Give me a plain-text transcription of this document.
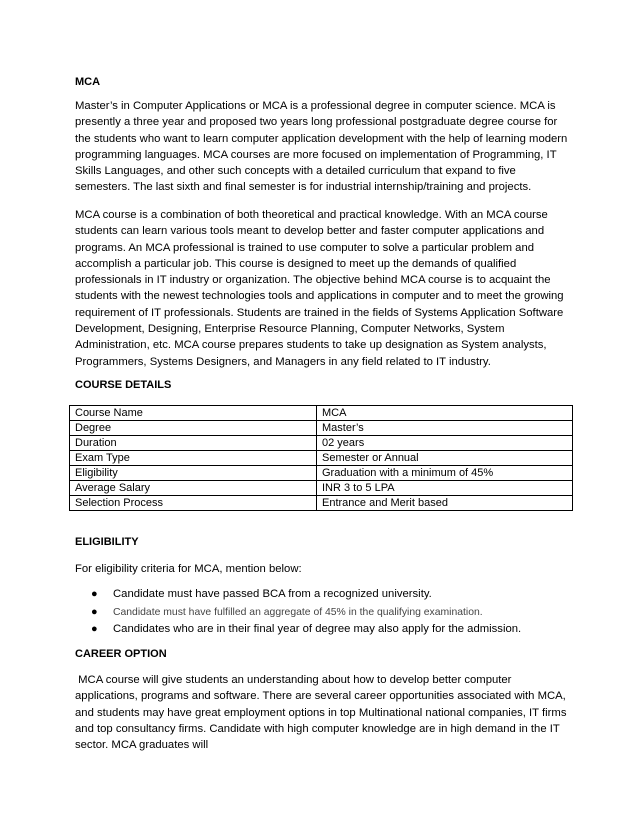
MCA

Master’s in Computer Applications or MCA is a professional degree in computer science. MCA is presently a three year and proposed two years long professional postgraduate degree course for the students who want to learn computer application development with the help of learning modern programming languages. MCA courses are more focused on implementation of Programming, IT Skills Languages, and other such concepts with a detailed curriculum that expand to five semesters. The last sixth and final semester is for industrial internship/training and projects.

MCA course is a combination of both theoretical and practical knowledge. With an MCA course students can learn various tools meant to develop better and faster computer applications and programs. An MCA professional is trained to use computer to solve a particular problem and accomplish a particular job. This course is designed to meet up the demands of qualified professionals in IT industry or organization. The objective behind MCA course is to acquaint the students with the newest technologies tools and applications in computer and to meet the growing requirement of IT professionals. Students are trained in the fields of Systems Application Software Development, Designing, Enterprise Resource Planning, Computer Networks, System Administration, etc. MCA course prepares students to take up designation as System analysts, Programmers, Systems Designers, and Managers in any field related to IT industry.

COURSE DETAILS
Course Name	MCA
Degree	Master’s
Duration	02 years
Exam Type	Semester or Annual
Eligibility	Graduation with a minimum of 45%
Average Salary	INR 3 to 5 LPA
Selection Process	Entrance and Merit based
ELIGIBILITY

For eligibility criteria for MCA, mention below:

● Candidate must have passed BCA from a recognized university.
● Candidate must have fulfilled an aggregate of 45% in the qualifying examination.
● Candidates who are in their final year of degree may also apply for the admission.
CAREER OPTION

MCA course will give students an understanding about how to develop better computer applications, programs and software. There are several career opportunities associated with MCA, and students may have great employment options in top Multinational national companies, IT firms and top consultancy firms. Candidate with high computer knowledge are in high demand in the IT sector. MCA graduates will
